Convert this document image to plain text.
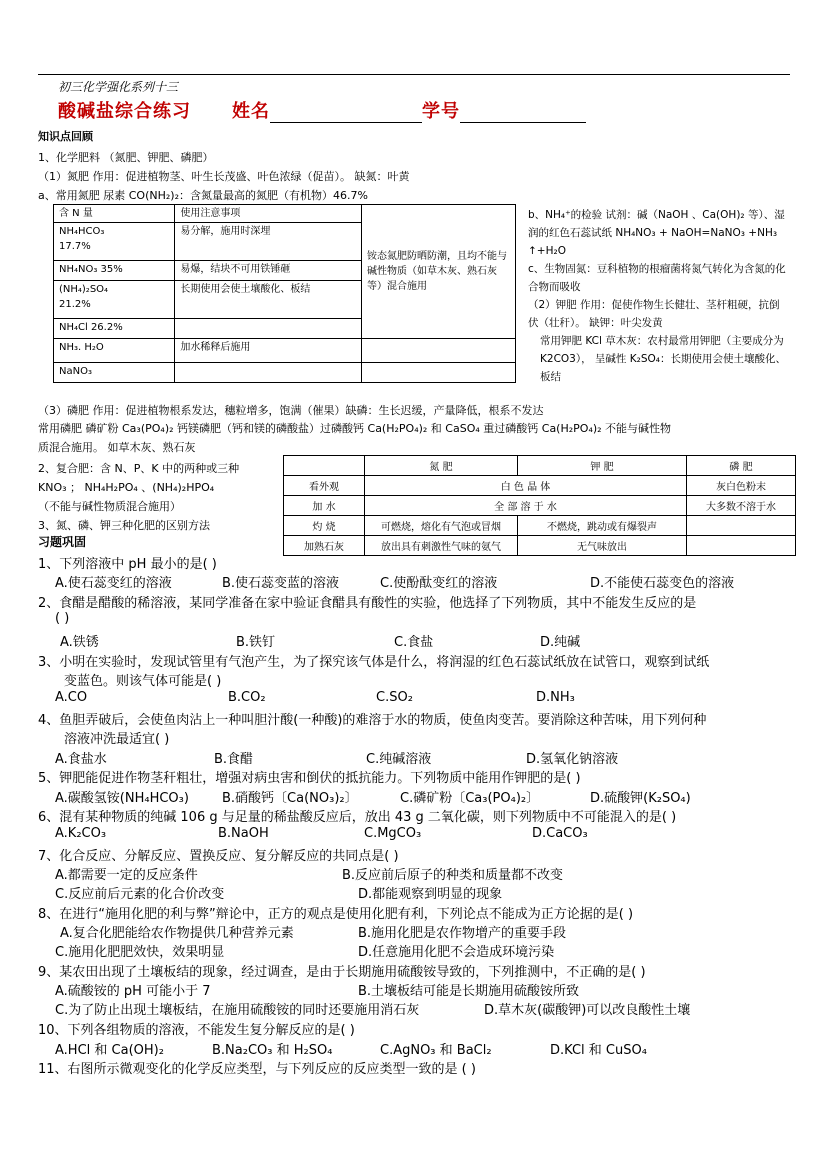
初三化学强化系列十三
酸碱盐综合练习 姓名	学号
知识点回顾
1、化学肥料 （氮肥、钾肥、磷肥）
（1）氮肥 作用：促进植物茎、叶生长茂盛、叶色浓绿（促苗）。 缺氮：叶黄
a、常用氮肥 尿素 CO(NH₂)₂：含氮量最高的氮肥（有机物）46.7%
含 N 量	使用注意事项	铵态氮肥防晒防潮，且均不能与碱性物质（如草木灰、熟石灰等）混合施用

NH₄HCO₃
17.7%	易分解，施用时深埋	
NH₄NO₃ 35%	易爆，结块不可用铁锤砸	

(NH₄)₂SO₄
21.2%	长期使用会使土壤酸化、板结	
NH₄Cl 26.2%		
NH₃. H₂O	加水稀释后施用	
NaNO₃		
b、NH₄⁺的检验 试剂：碱（NaOH 、Ca(OH)₂ 等）、湿润的红色石蕊试纸 NH₄NO₃ + NaOH=NaNO₃ +NH₃ ↑+H₂O
c、生物固氮：豆科植物的根瘤菌将氮气转化为含氮的化合物而吸收
（2）钾肥 作用：促使作物生长健壮、茎杆粗硬，抗倒伏（壮秆）。 缺钾：叶尖发黄
常用钾肥 KCl 草木灰：农村最常用钾肥（主要成分为 K2CO3）， 呈碱性 K₂SO₄：长期使用会使土壤酸化、板结
（3）磷肥 作用：促进植物根系发达，穗粒增多，饱满（催果）缺磷：生长迟缓，产量降低，根系不发达
常用磷肥 磷矿粉 Ca₃(PO₄)₂ 钙镁磷肥（钙和镁的磷酸盐）过磷酸钙 Ca(H₂PO₄)₂ 和 CaSO₄ 重过磷酸钙 Ca(H₂PO₄)₂ 不能与碱性物
质混合施用。 如草木灰、熟石灰
2、复合肥：含 N、P、K 中的两种或三种
KNO₃ ； NH₄H₂PO₄ 、(NH₄)₂HPO₄
（不能与碱性物质混合施用）
3、氮、磷、钾三种化肥的区别方法
	氮 肥	钾 肥	磷 肥
看外观	白 色 晶 体		灰白色粉末
加 水	全 部 溶 于 水		大多数不溶于水
灼 烧	可燃烧，熔化有气泡或冒烟	不燃烧，跳动或有爆裂声	
加熟石灰	放出具有刺激性气味的氨气	无气味放出	
习题巩固
1、下列溶液中 pH 最小的是( )
A.使石蕊变红的溶液	B.使石蕊变蓝的溶液	C.使酚酞变红的溶液	D.不能使石蕊变色的溶液
2、食醋是醋酸的稀溶液，某同学准备在家中验证食醋具有酸性的实验，他选择了下列物质，其中不能发生反应的是
( )
A.铁锈	B.铁钉	C.食盐	D.纯碱
3、小明在实验时，发现试管里有气泡产生，为了探究该气体是什么，将润湿的红色石蕊试纸放在试管口，观察到试纸
变蓝色。则该气体可能是( )
A.CO	B.CO₂	C.SO₂	D.NH₃
4、鱼胆弄破后，会使鱼肉沾上一种叫胆汁酸(一种酸)的难溶于水的物质，使鱼肉变苦。要消除这种苦味，用下列何种
溶液冲洗最适宜( )
A.食盐水	B.食醋	C.纯碱溶液	D.氢氧化钠溶液
5、钾肥能促进作物茎秆粗壮，增强对病虫害和倒伏的抵抗能力。下列物质中能用作钾肥的是( )
A.碳酸氢铵(NH₄HCO₃)	B.硝酸钙〔Ca(NO₃)₂〕	C.磷矿粉〔Ca₃(PO₄)₂〕	D.硫酸钾(K₂SO₄)
6、混有某种物质的纯碱 106 g 与足量的稀盐酸反应后，放出 43 g 二氧化碳，则下列物质中不可能混入的是( )
A.K₂CO₃	B.NaOH	C.MgCO₃	D.CaCO₃
7、化合反应、分解反应、置换反应、复分解反应的共同点是( )
A.都需要一定的反应条件	B.反应前后原子的种类和质量都不改变
C.反应前后元素的化合价改变	D.都能观察到明显的现象
8、在进行“施用化肥的利与弊”辩论中，正方的观点是使用化肥有利，下列论点不能成为正方论据的是( )
A.复合化肥能给农作物提供几种营养元素	B.施用化肥是农作物增产的重要手段
C.施用化肥肥效快，效果明显	D.任意施用化肥不会造成环境污染
9、某农田出现了土壤板结的现象，经过调查，是由于长期施用硫酸铵导致的，下列推测中，不正确的是( )
A.硫酸铵的 pH 可能小于 7	B.土壤板结可能是长期施用硫酸铵所致
C.为了防止出现土壤板结，在施用硫酸铵的同时还要施用消石灰	D.草木灰(碳酸钾)可以改良酸性土壤
10、下列各组物质的溶液，不能发生复分解反应的是( )
A.HCl 和 Ca(OH)₂	B.Na₂CO₃ 和 H₂SO₄	C.AgNO₃ 和 BaCl₂	D.KCl 和 CuSO₄
11、右图所示微观变化的化学反应类型，与下列反应的反应类型一致的是 ( )
